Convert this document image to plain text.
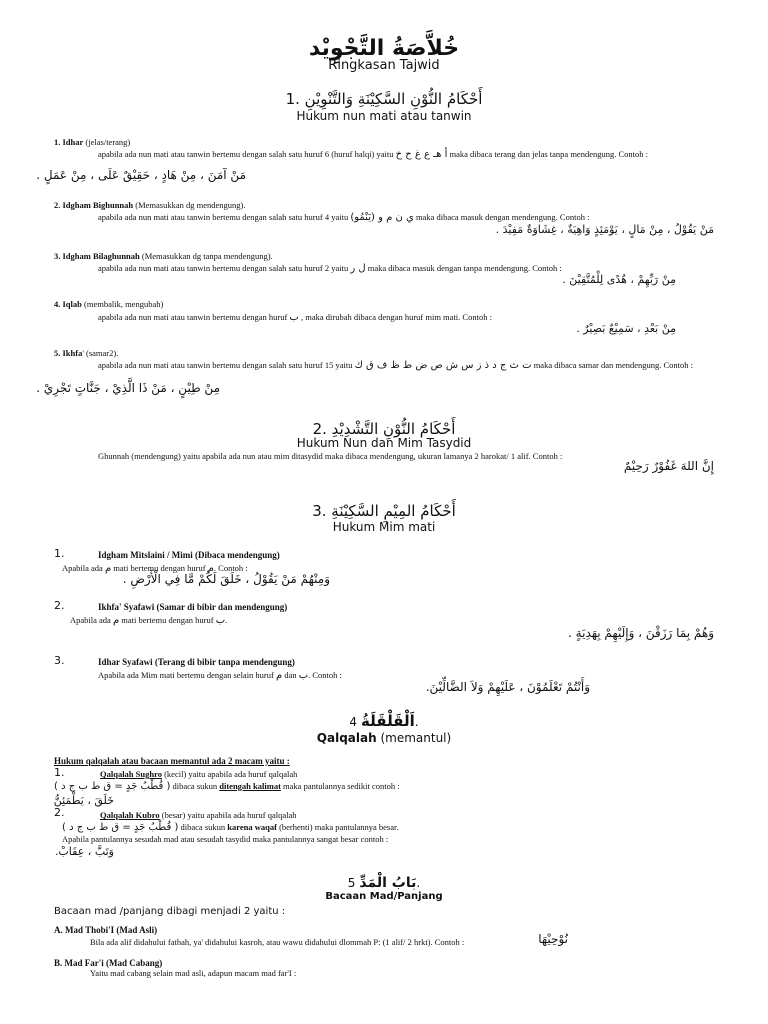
خُلاَّصَةُ التَّجْوِيْد
Ringkasan Tajwid
أَحْكَامُ النُّوْنِ السَّكِيْنَةِ وَالتَّنْوِيْنِ .1
Hukum nun mati atau tanwin
1. Idhar (jelas/terang)
apabila ada nun mati atau tanwin bertemu dengan salah satu huruf 6 (huruf halqi) yaitu أ هـ ع غ ح خ maka dibaca terang dan jelas tanpa mendengung. Contoh :
مَنْ آمَنَ ، مِنْ هَادٍ ، حَقِيْقٌ عَلَى ، مِنْ عَمَلٍ .
2. Idgham Bighunnah (Memasukkan dg mendengung).
apabila ada nun mati atau tanwin bertemu dengan salah satu huruf 4 yaitu (يَنْمُو) ي ن م و maka dibaca masuk dengan mendengung. Contoh :
مَنْ يَقُوْلُ ، مِنْ مَالٍ ، يَوْمَئِذٍ وَاهِيَةٌ ، غِشَاوَةٌ مَفِيْدَ .
3. Idgham Bilaghunnah (Memasukkan dg tanpa mendengung).
apabila ada nun mati atau tanwin bertemu dengan salah satu huruf 2 yaitu ل ر maka dibaca masuk dengan tanpa mendengung. Contoh :
مِنْ رَبِّهِمْ ، هُدًى لِلْمُتَّقِيْنَ .
4. Iqlab (membalik, mengubah)
apabila ada nun mati atau tanwin bertemu dengan huruf ب , maka dirubah dibaca dengan huruf mim mati. Contoh :
مِنْ بَعْدِ ، سَمِيْعٌ بَصِيْرٌ .
5. Ikhfa' (samar2).
apabila ada nun mati atau tanwin bertemu dengan salah satu huruf 15 yaitu ت ث ج د ذ ز س ش ص ض ط ظ ف ق ك maka dibaca samar dan mendengung. Contoh :
مِنْ طِيْنٍ ، مَنْ ذَا الَّذِيْ ، جَنَّاتٍ تَجْرِيْ .
أَحْكَامُ النُّوْنِ التَّشْدِيْدِ .2
Hukum Nun dan Mim Tasydid
Ghunnah (mendengung) yaitu apabila ada nun atau mim ditasydid maka dibaca mendengung, ukuran lamanya 2 harokat/ 1 alif. Contoh :
إِنَّ اللهَ غَفُوْرٌ رَحِيْمٌ
أَحْكَامُ المِيْمِ السَّكِيْنَةِ .3
Hukum Mim mati
1.	Idgham Mitslaini / Mimi (Dibaca mendengung)
Apabila ada م mati bertemu dengan huruf م. Contoh :
وَمِنْهُمْ مَنْ يَقُوْلُ ، خَلَقَ لَكُمْ مَّا فِي الْأَرْضِ .
2.	Ikhfa' Syafawi (Samar di bibir dan mendengung)
Apabila ada م mati bertemu dengan huruf ب.
وَهُمْ بِمَا رَزَقْنَ ، وَإِلَيْهِمْ بِهَدِيَةٍ .
3.	Idhar Syafawi (Terang di bibir tanpa mendengung)
Apabila ada Mim mati bertemu dengan selain huruf م dan ب. Contoh :
وَأَنْتُمْ تَعْلَمُوْنَ ، عَلَيْهِمْ وَلاَ الضَّالِّيْنَ.
اَلْقَلْقَلَةُ 4.
Qalqalah (memantul)
Hukum qalqalah atau bacaan memantul ada 2 macam yaitu :
1.	Qalqalah Sughro (kecil) yaitu apabila ada huruf qalqalah
( قُطْبُ جَدٍ = ق ط ب ج د ) dibaca sukun ditengah kalimat maka pantulannya sedikit contoh :
خَلَقَ ، يَطْمَئِنُّ
2.	Qalqalah Kubro (besar) yaitu apabila ada huruf qalqalah
( قُطْبُ جَدٍ = ق ط ب ج د ) dibaca sukun karena waqaf (berhenti) maka pantulannya besar.
Apabila pantulannya sesudah mad atau sesudah tasydid maka pantulannya sangat besar contoh :
وَتَبَّ ، عِقَابْ.
بَابُ الْمَدِّ 5.
Bacaan Mad/Panjang
Bacaan mad /panjang dibagi menjadi 2 yaitu :
A. Mad Thobi'I (Mad Asli)
Bila ada alif didahului fathah, ya' didahului kasroh, atau wawu didahului dlommah P: (1 alif/ 2 hrkt). Contoh :	نُوْحِيْهَا
B. Mad Far'i (Mad Cabang)
Yaitu mad cabang selain mad asli, adapun macam mad far'I :
